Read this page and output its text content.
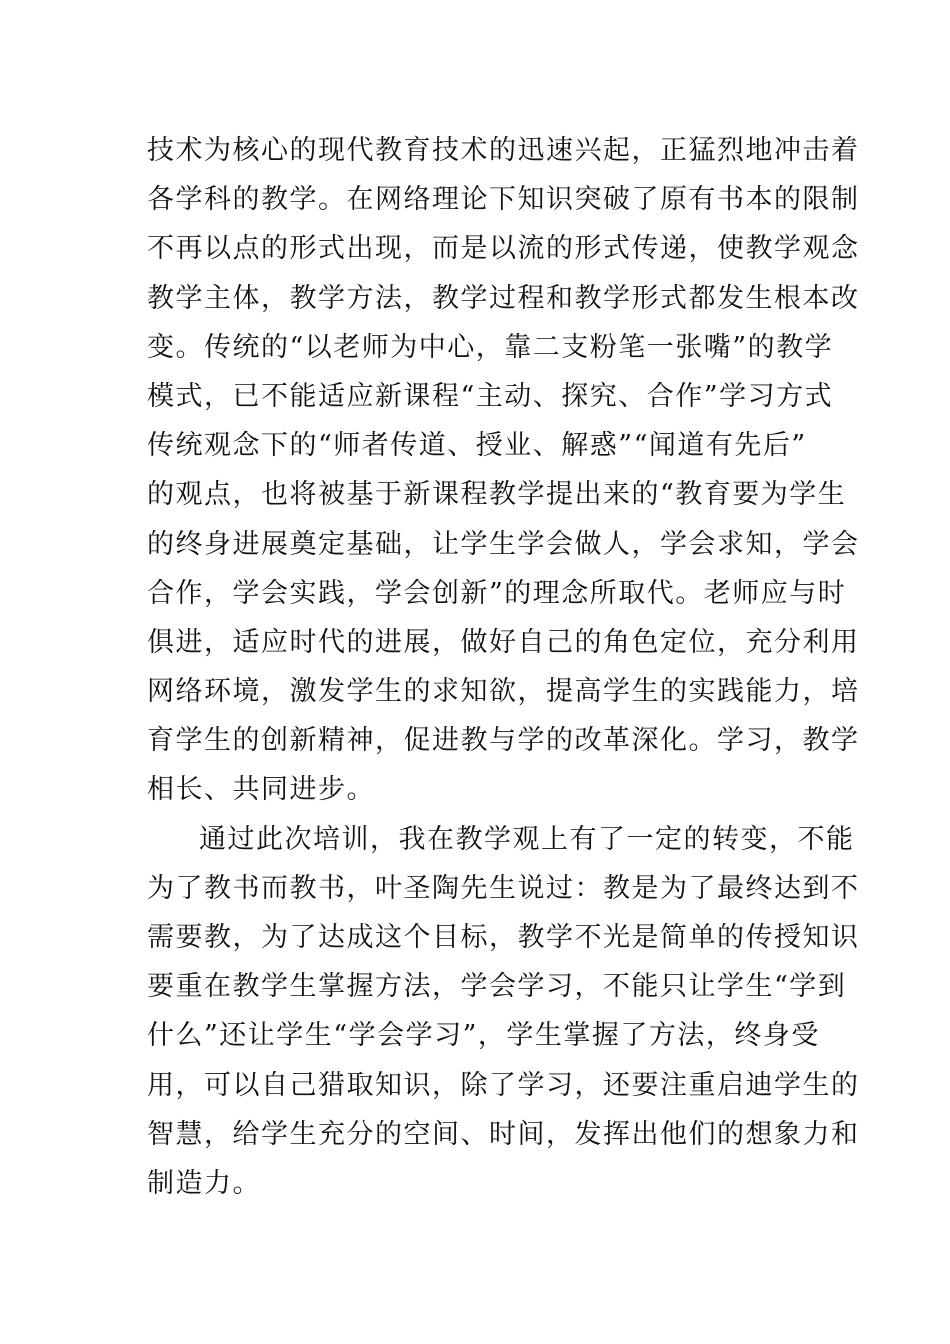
技术为核心的现代教育技术的迅速兴起，正猛烈地冲击着
各学科的教学。在网络理论下知识突破了原有书本的限制
不再以点的形式出现，而是以流的形式传递，使教学观念
教学主体，教学方法，教学过程和教学形式都发生根本改
变。传统的“以老师为中心，靠二支粉笔一张嘴”的教学
模式，已不能适应新课程“主动、探究、合作”学习方式
传统观念下的“师者传道、授业、解惑”“闻道有先后”
的观点，也将被基于新课程教学提出来的“教育要为学生
的终身进展奠定基础，让学生学会做人，学会求知，学会
合作，学会实践，学会创新”的理念所取代。老师应与时
俱进，适应时代的进展，做好自己的角色定位，充分利用
网络环境，激发学生的求知欲，提高学生的实践能力，培
育学生的创新精神，促进教与学的改革深化。学习，教学
相长、共同进步。
通过此次培训，我在教学观上有了一定的转变，不能
为了教书而教书，叶圣陶先生说过：教是为了最终达到不
需要教，为了达成这个目标，教学不光是简单的传授知识
要重在教学生掌握方法，学会学习，不能只让学生“学到
什么”还让学生“学会学习”，学生掌握了方法，终身受
用，可以自己猎取知识，除了学习，还要注重启迪学生的
智慧，给学生充分的空间、时间，发挥出他们的想象力和
制造力。
